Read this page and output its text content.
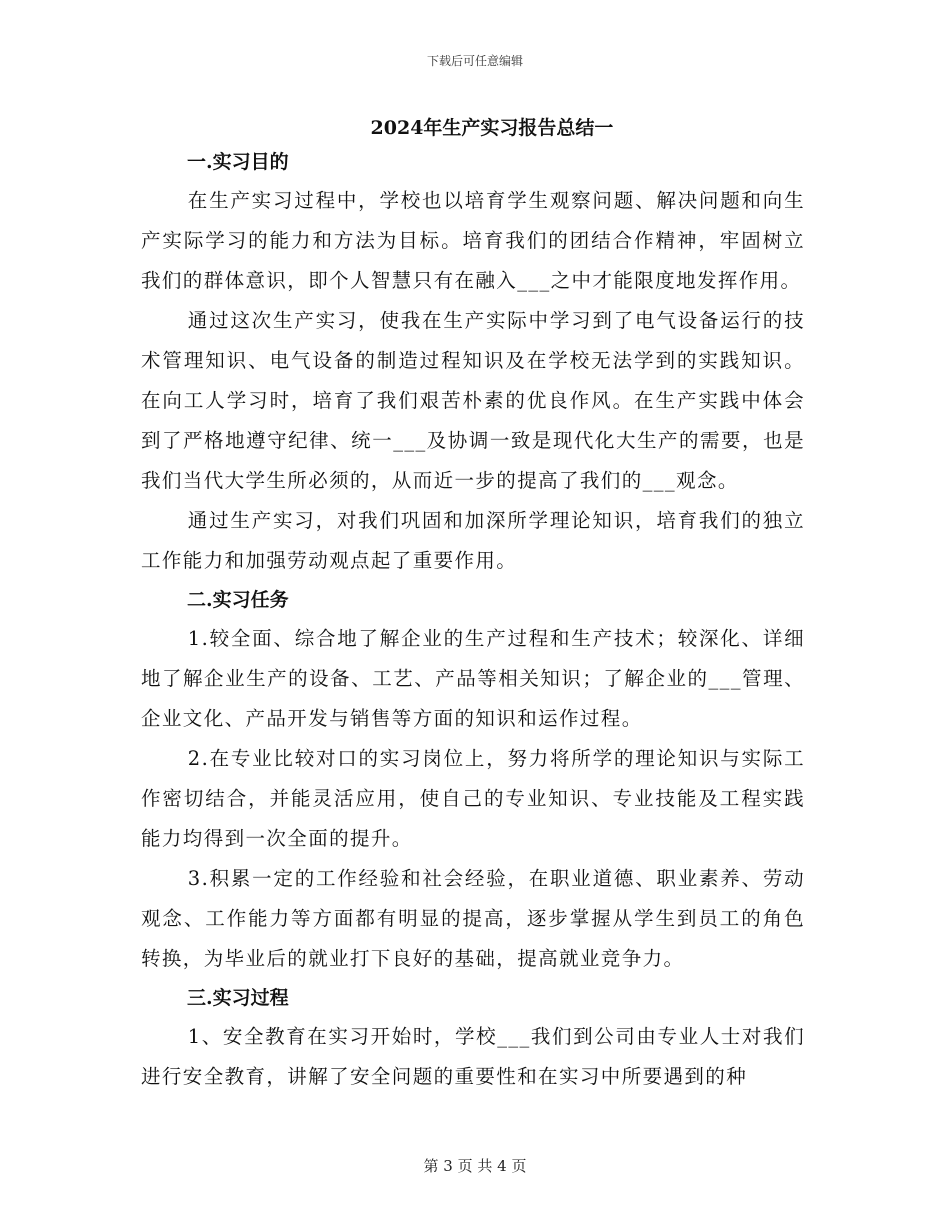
下载后可任意编辑
2024年生产实习报告总结一
一.实习目的

在生产实习过程中，学校也以培育学生观察问题、解决问题和向生产实际学习的能力和方法为目标。培育我们的团结合作精神，牢固树立我们的群体意识，即个人智慧只有在融入___之中才能限度地发挥作用。

通过这次生产实习，使我在生产实际中学习到了电气设备运行的技术管理知识、电气设备的制造过程知识及在学校无法学到的实践知识。在向工人学习时，培育了我们艰苦朴素的优良作风。在生产实践中体会到了严格地遵守纪律、统一___及协调一致是现代化大生产的需要，也是我们当代大学生所必须的，从而近一步的提高了我们的___观念。

通过生产实习，对我们巩固和加深所学理论知识，培育我们的独立工作能力和加强劳动观点起了重要作用。

二.实习任务

1.较全面、综合地了解企业的生产过程和生产技术；较深化、详细地了解企业生产的设备、工艺、产品等相关知识；了解企业的___管理、企业文化、产品开发与销售等方面的知识和运作过程。

2.在专业比较对口的实习岗位上，努力将所学的理论知识与实际工作密切结合，并能灵活应用，使自己的专业知识、专业技能及工程实践能力均得到一次全面的提升。

3.积累一定的工作经验和社会经验，在职业道德、职业素养、劳动观念、工作能力等方面都有明显的提高，逐步掌握从学生到员工的角色转换，为毕业后的就业打下良好的基础，提高就业竞争力。

三.实习过程

1、安全教育在实习开始时，学校___我们到公司由专业人士对我们进行安全教育，讲解了安全问题的重要性和在实习中所要遇到的种

第 3 页 共 4 页
